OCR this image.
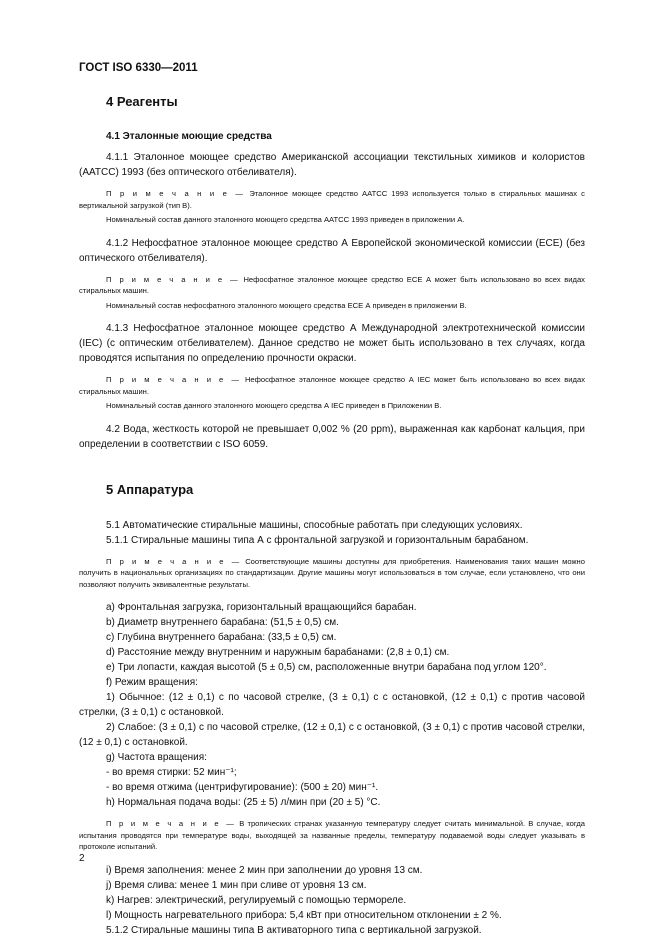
ГОСТ ISO 6330—2011
4 Реагенты
4.1 Эталонные моющие средства

4.1.1 Эталонное моющее средство Американской ассоциации текстильных химиков и колористов (ААТСС) 1993 (без оптического отбеливателя).

П р и м е ч а н и е — Эталонное моющее средство ААТСС 1993 используется только в стиральных машинах с вертикальной загрузкой (тип В).

Номинальный состав данного эталонного моющего средства ААТСС 1993 приведен в приложении А.

4.1.2 Нефосфатное эталонное моющее средство А Европейской экономической комиссии (ЕСЕ) (без оптического отбеливателя).

П р и м е ч а н и е — Нефосфатное эталонное моющее средство ЕСЕ А может быть использовано во всех видах стиральных машин.

Номинальный состав нефосфатного эталонного моющего средства ЕСЕ А приведен в приложении В.

4.1.3 Нефосфатное эталонное моющее средство А Международной электротехнической комиссии (IEC) (с оптическим отбеливателем). Данное средство не может быть использовано в тех случаях, когда проводятся испытания по определению прочности окраски.

П р и м е ч а н и е — Нефосфатное эталонное моющее средство А IEC может быть использовано во всех видах стиральных машин.

Номинальный состав данного эталонного моющего средства А IEC приведен в Приложении В.

4.2 Вода, жесткость которой не превышает 0,002 % (20 ppm), выраженная как карбонат кальция, при определении в соответствии с ISO 6059.

5 Аппаратура

5.1 Автоматические стиральные машины, способные работать при следующих условиях.

5.1.1 Стиральные машины типа А с фронтальной загрузкой и горизонтальным барабаном.

П р и м е ч а н и е — Соответствующие машины доступны для приобретения. Наименования таких машин можно получить в национальных организациях по стандартизации. Другие машины могут использоваться в том случае, если установлено, что они позволяют получить эквивалентные результаты.

а) Фронтальная загрузка, горизонтальный вращающийся барабан.

b) Диаметр внутреннего барабана: (51,5 ± 0,5) см.

с) Глубина внутреннего барабана: (33,5 ± 0,5) см.

d) Расстояние между внутренним и наружным барабанами: (2,8 ± 0,1) см.

e) Три лопасти, каждая высотой (5 ± 0,5) см, расположенные внутри барабана под углом 120°.

f) Режим вращения:

1) Обычное: (12 ± 0,1) с по часовой стрелке, (3 ± 0,1) с с остановкой, (12 ± 0,1) с против часовой стрелки, (3 ± 0,1) с остановкой.

2) Слабое: (3 ± 0,1) с по часовой стрелке, (12 ± 0,1) с с остановкой, (3 ± 0,1) с против часовой стрелки, (12 ± 0,1) с остановкой.

g) Частота вращения:

- во время стирки: 52 мин⁻¹;

- во время отжима (центрифугирование): (500 ± 20) мин⁻¹.

h) Нормальная подача воды: (25 ± 5) л/мин при (20 ± 5) °С.

П р и м е ч а н и е — В тропических странах указанную температуру следует считать минимальной. В случае, когда испытания проводятся при температуре воды, выходящей за названные пределы, температуру подаваемой воды следует указывать в протоколе испытаний.

i) Время заполнения: менее 2 мин при заполнении до уровня 13 см.

j) Время слива: менее 1 мин при сливе от уровня 13 см.

k) Нагрев: электрический, регулируемый с помощью термореле.

l) Мощность нагревательного прибора: 5,4 кВт при относительном отклонении ± 2 %.

5.1.2 Стиральные машины типа В активаторного типа с вертикальной загрузкой.

2
